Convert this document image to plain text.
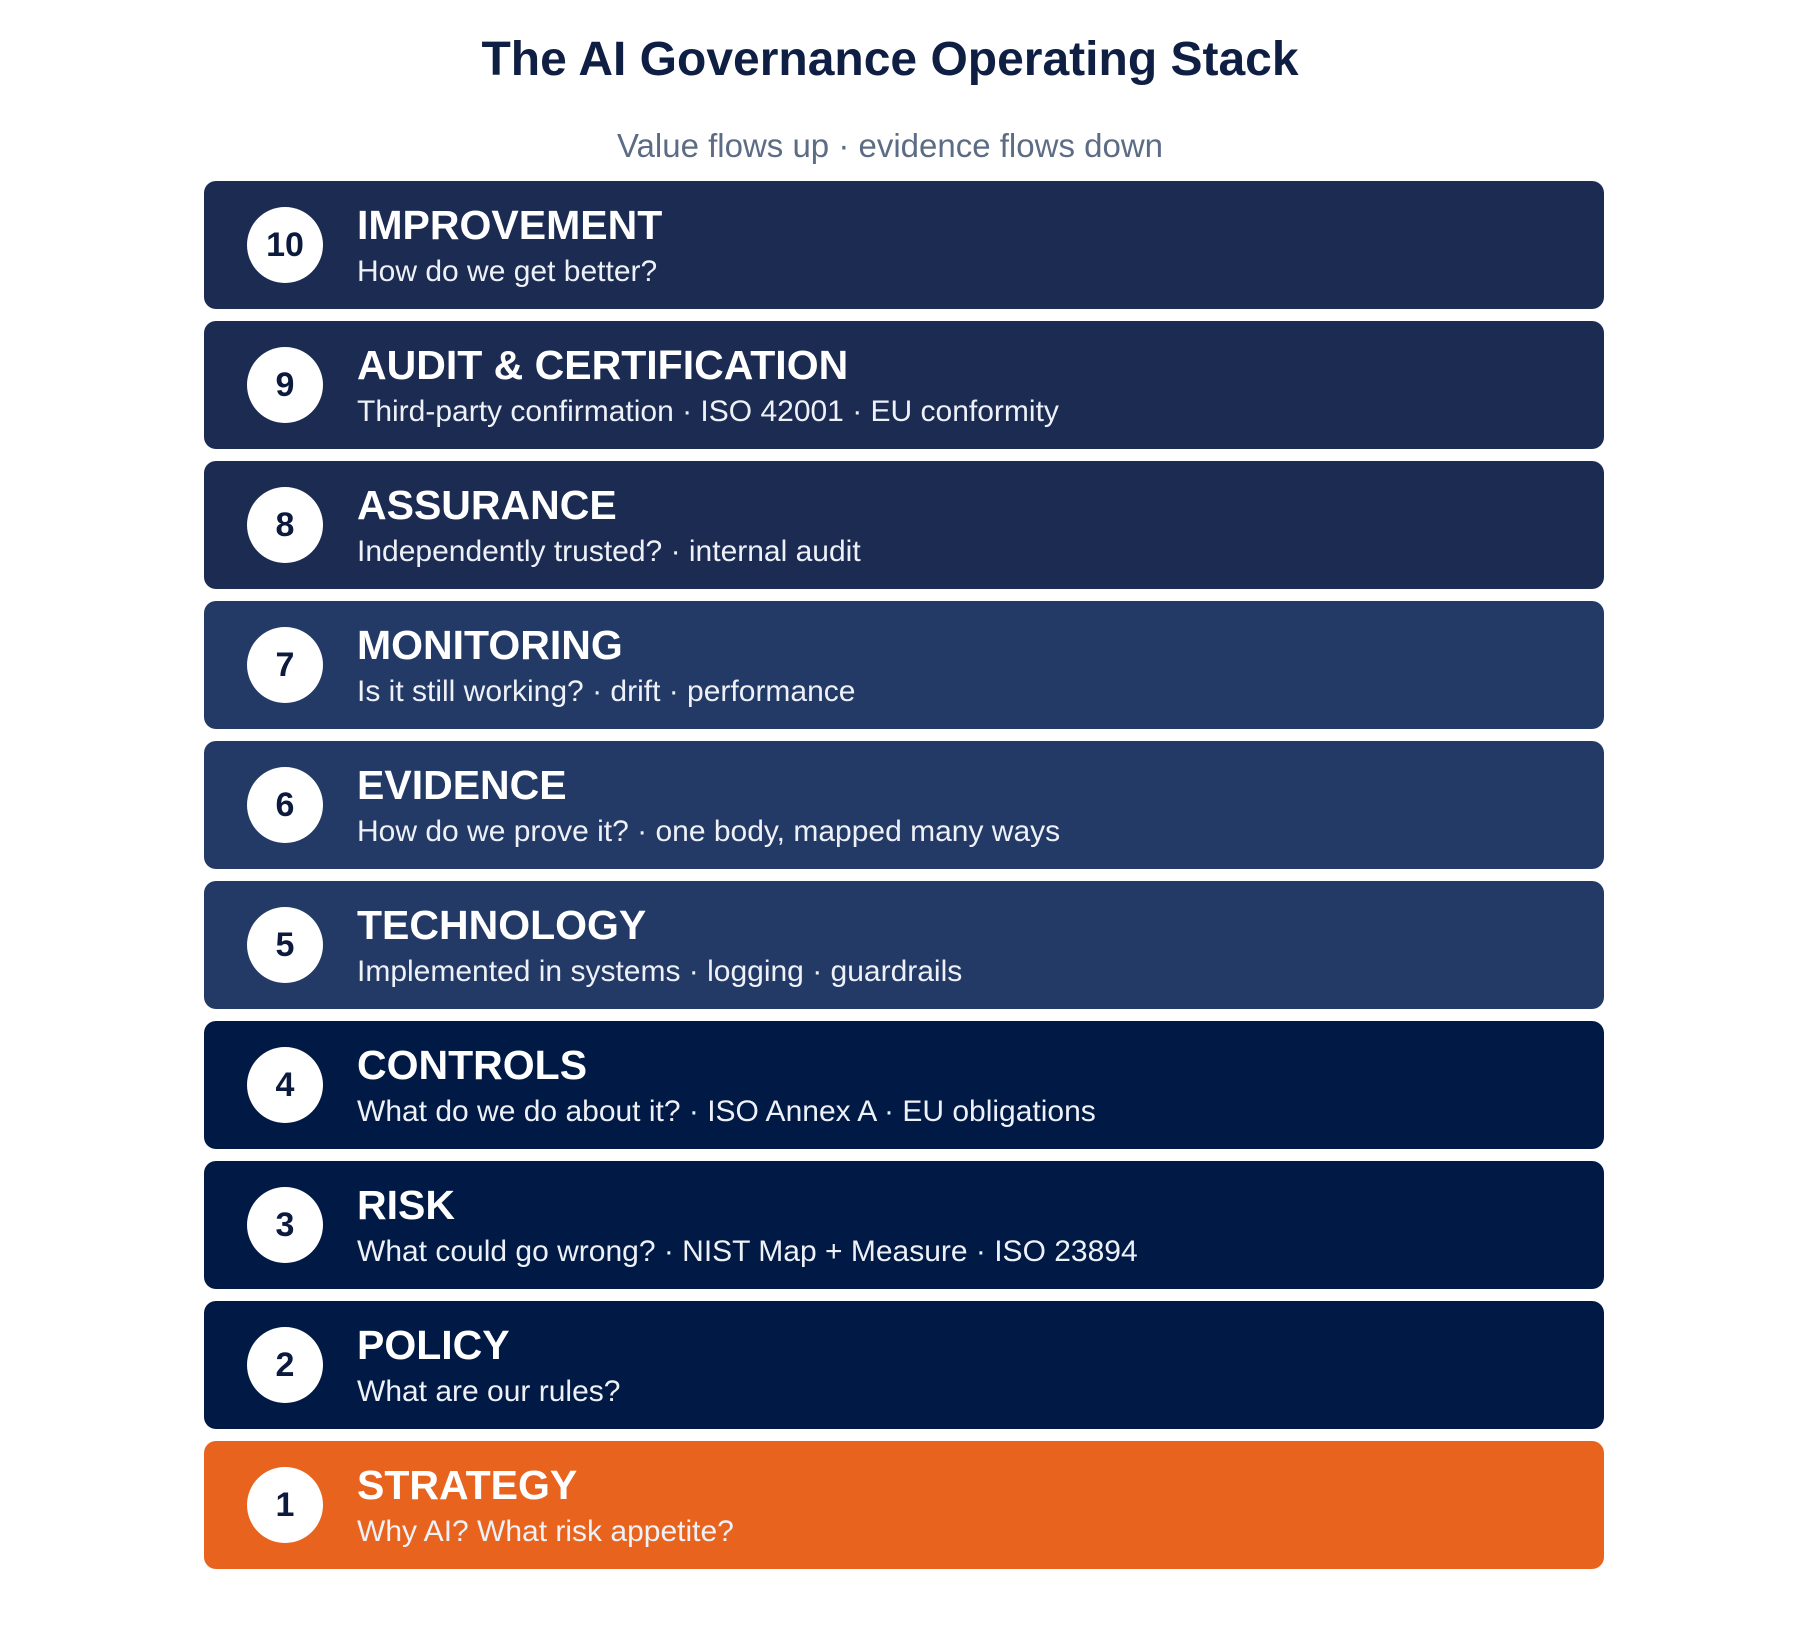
The AI Governance Operating Stack
Value flows up · evidence flows down
10	IMPROVEMENT
How do we get better?
9	AUDIT & CERTIFICATION
Third-party confirmation · ISO 42001 · EU conformity
8	ASSURANCE
Independently trusted? · internal audit
7	MONITORING
Is it still working? · drift · performance
6	EVIDENCE
How do we prove it? · one body, mapped many ways
5	TECHNOLOGY
Implemented in systems · logging · guardrails
4	CONTROLS
What do we do about it? · ISO Annex A · EU obligations
3	RISK
What could go wrong? · NIST Map + Measure · ISO 23894
2	POLICY
What are our rules?
1	STRATEGY
Why AI? What risk appetite?
